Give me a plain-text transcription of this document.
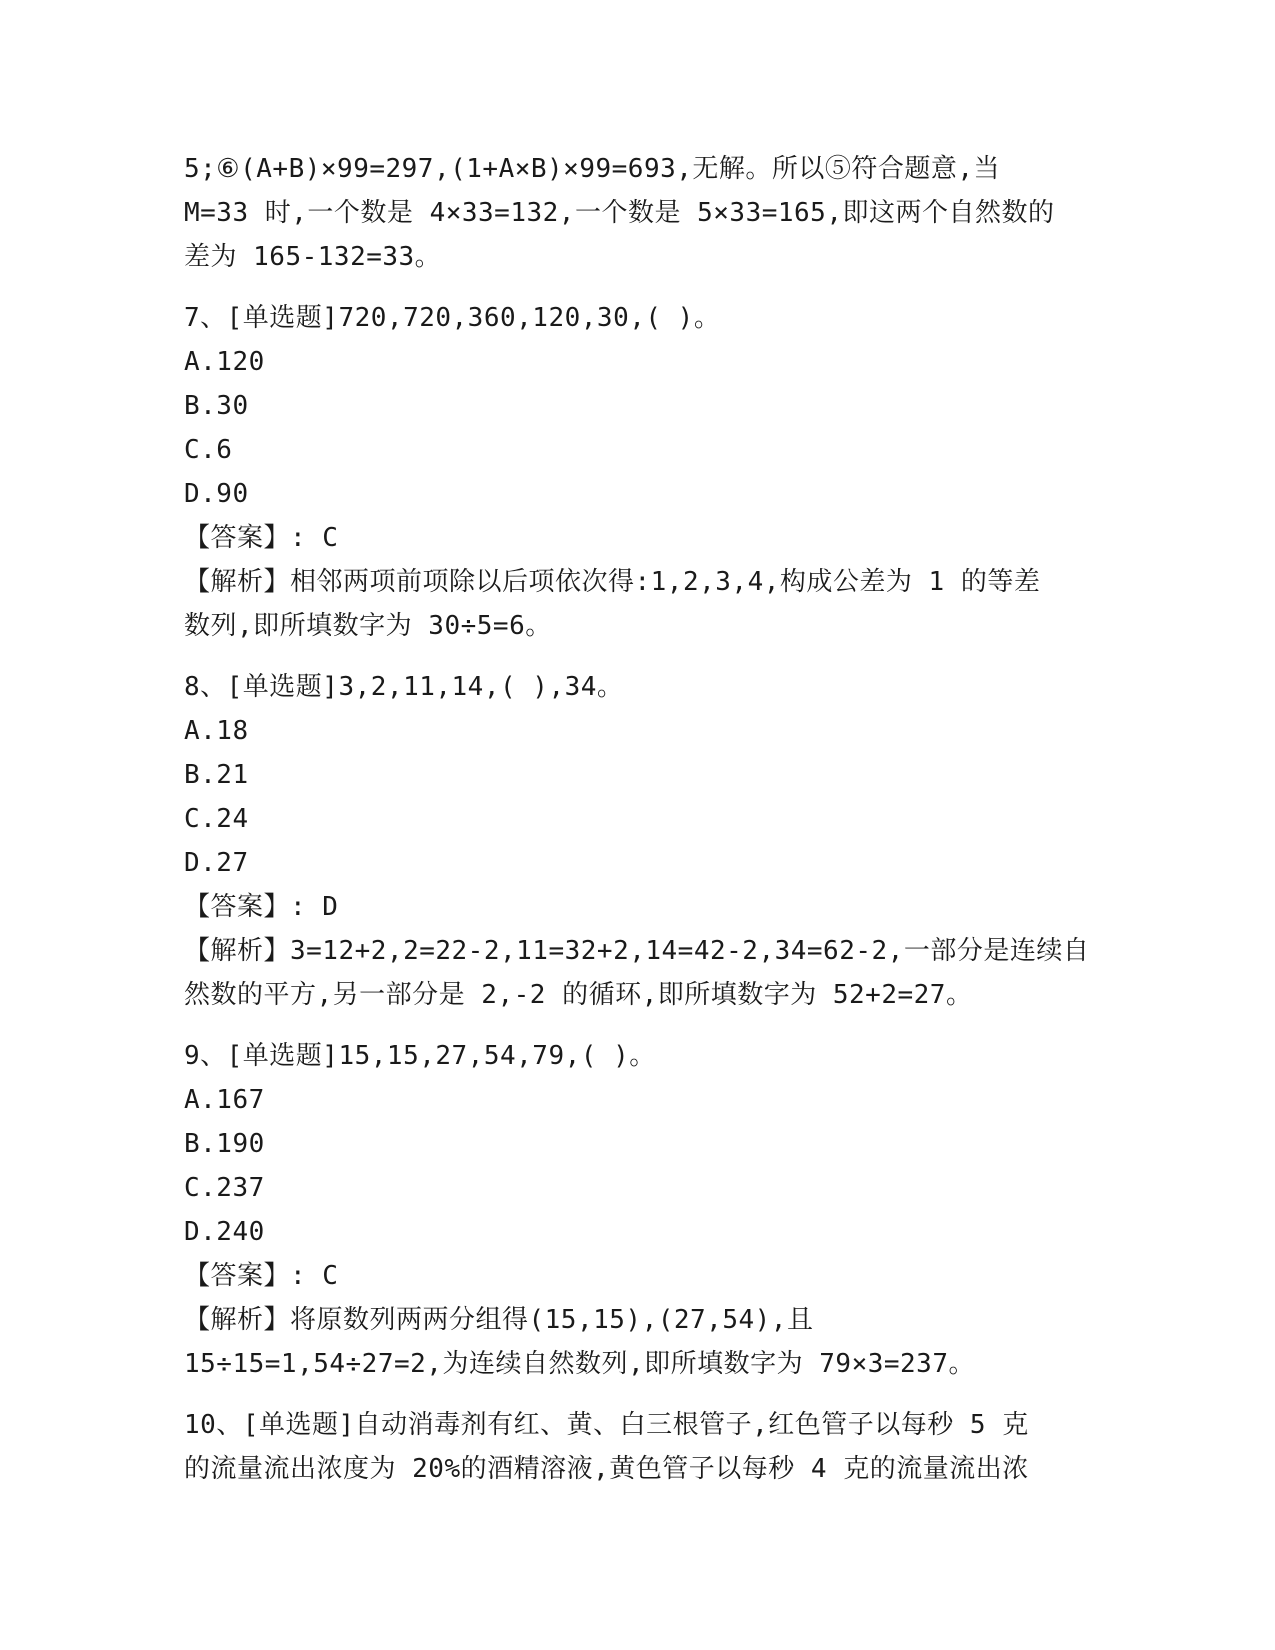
5;⑥(A+B)×99=297,(1+A×B)×99=693,无解。所以⑤符合题意,当
M=33 时,一个数是 4×33=132,一个数是 5×33=165,即这两个自然数的
差为 165-132=33。
7、[单选题]720,720,360,120,30,( )。
A.120
B.30
C.6
D.90
【答案】: C
【解析】相邻两项前项除以后项依次得:1,2,3,4,构成公差为 1 的等差
数列,即所填数字为 30÷5=6。
8、[单选题]3,2,11,14,( ),34。
A.18
B.21
C.24
D.27
【答案】: D
【解析】3=12+2,2=22-2,11=32+2,14=42-2,34=62-2,一部分是连续自
然数的平方,另一部分是 2,-2 的循环,即所填数字为 52+2=27。
9、[单选题]15,15,27,54,79,( )。
A.167
B.190
C.237
D.240
【答案】: C
【解析】将原数列两两分组得(15,15),(27,54),且
15÷15=1,54÷27=2,为连续自然数列,即所填数字为 79×3=237。
10、[单选题]自动消毒剂有红、黄、白三根管子,红色管子以每秒 5 克
的流量流出浓度为 20%的酒精溶液,黄色管子以每秒 4 克的流量流出浓
